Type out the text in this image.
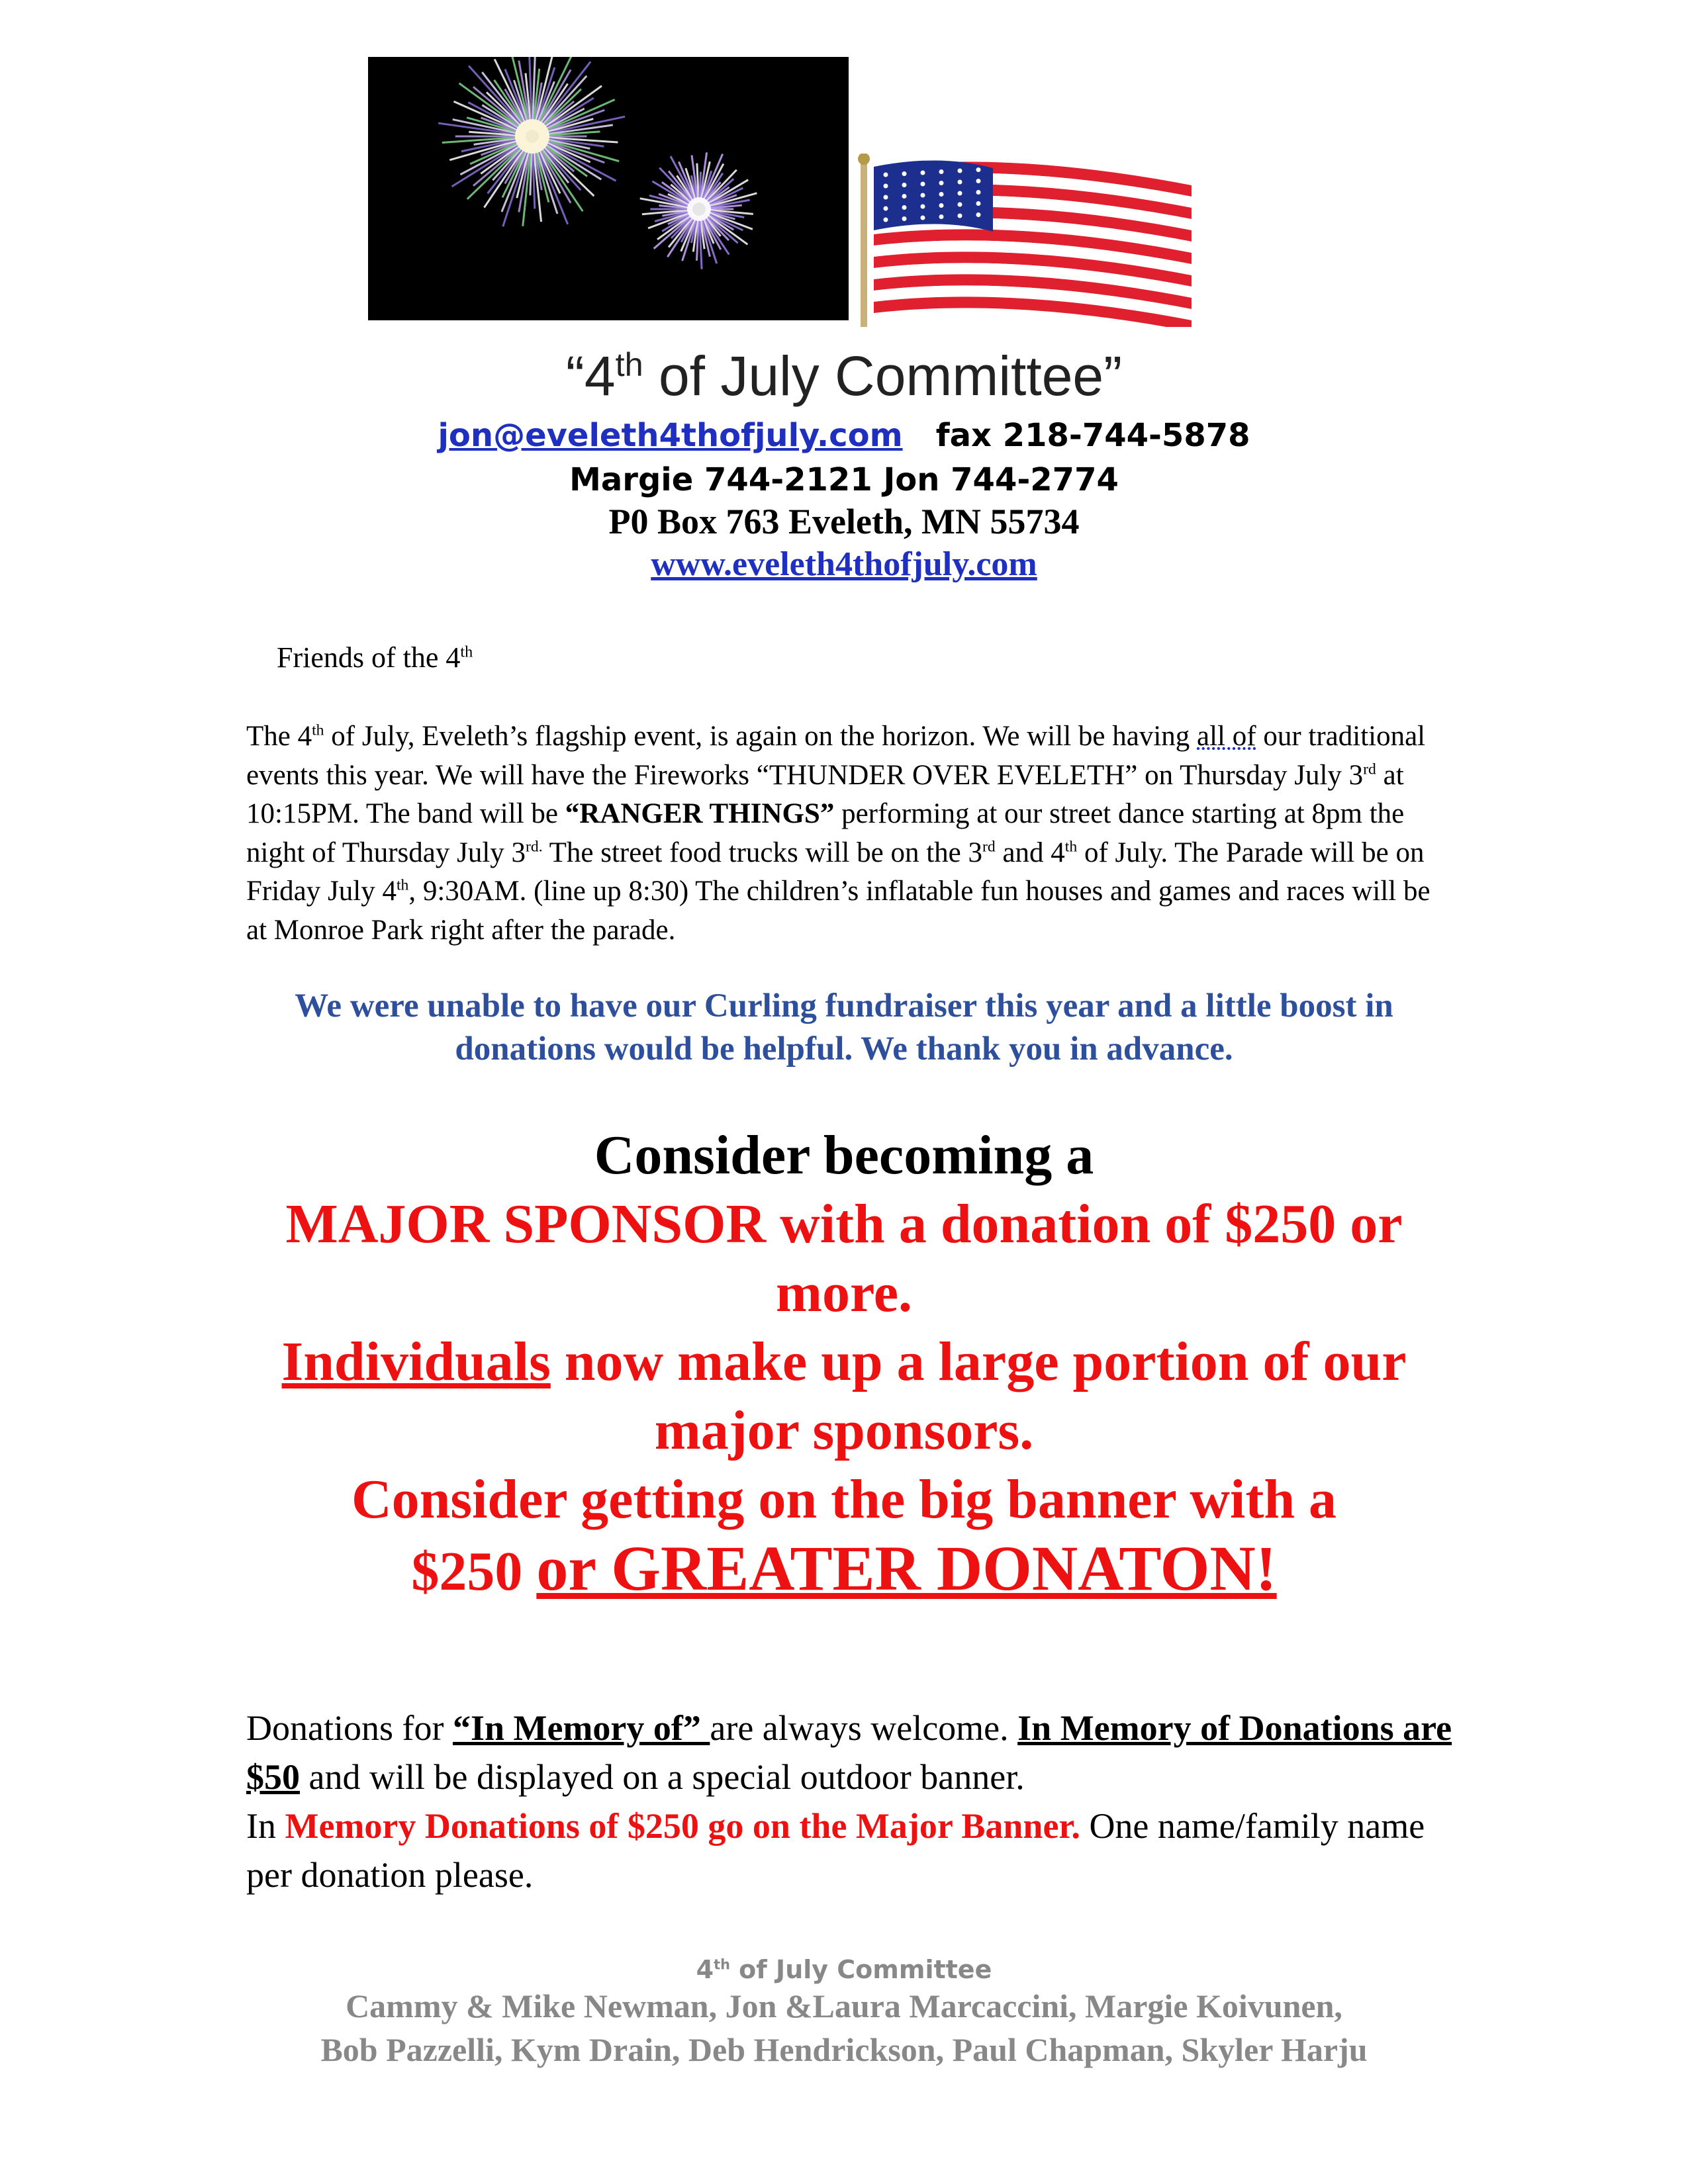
“4th of July Committee”
jon@eveleth4thofjuly.com fax 218-744-5878
Margie 744-2121 Jon 744-2774
P0 Box 763 Eveleth, MN 55734
www.eveleth4thofjuly.com
Friends of the 4th
The 4th of July, Eveleth’s flagship event, is again on the horizon. We will be having all of our traditional events this year. We will have the Fireworks “THUNDER OVER EVELETH” on Thursday July 3rd at 10:15PM. The band will be “RANGER THINGS” performing at our street dance starting at 8pm the night of Thursday July $3^{rd.}$ The street food trucks will be on the 3rd and 4th of July. The Parade will be on Friday July 4th, 9:30AM. (line up 8:30) The children’s inflatable fun houses and games and races will be at Monroe Park right after the parade.
We were unable to have our Curling fundraiser this year and a little boost in
donations would be helpful. We thank you in advance.
Consider becoming a
MAJOR SPONSOR with a donation of $250 or
more.
Individuals now make up a large portion of our
major sponsors.
Consider getting on the big banner with a
$250 or GREATER DONATON!
Donations for “In Memory of” are always welcome. In Memory of Donations are $50 and will be displayed on a special outdoor banner.
In Memory Donations of $250 go on the Major Banner. One name/family name per donation please.
4th of July Committee
Cammy & Mike Newman, Jon &Laura Marcaccini, Margie Koivunen,
Bob Pazzelli, Kym Drain, Deb Hendrickson, Paul Chapman, Skyler Harju
